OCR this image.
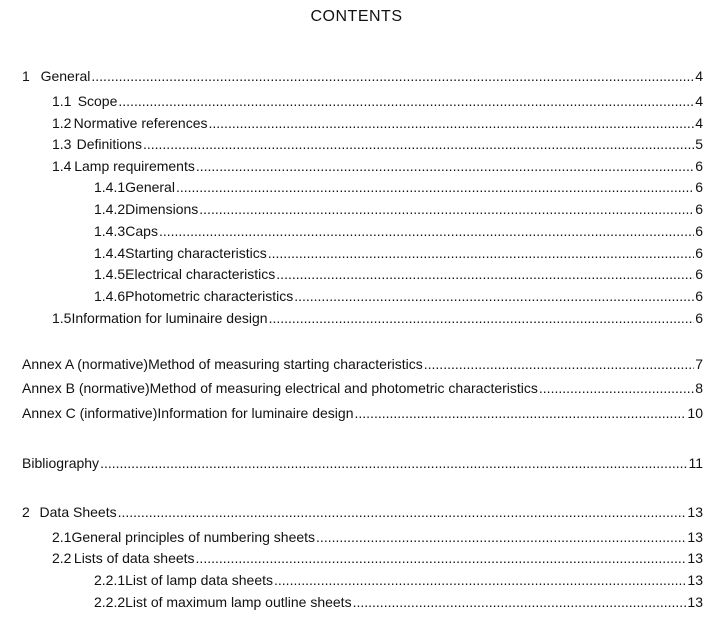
CONTENTS
1 General .....	4
1.1 Scope .....	4
1.2 Normative references .....	4
1.3 Definitions .....	5
1.4 Lamp requirements .....	6
1.4.1 General .....	6
1.4.2 Dimensions .....	6
1.4.3 Caps .....	6
1.4.4 Starting characteristics .....	6
1.4.5 Electrical characteristics .....	6
1.4.6 Photometric characteristics .....	6
1.5 Information for luminaire design .....	6
Annex A (normative) Method of measuring starting characteristics .....	7
Annex B (normative) Method of measuring electrical and photometric characteristics .....	8
Annex C (informative) Information for luminaire design .....	10
Bibliography .....	11
2 Data Sheets .....	13
2.1 General principles of numbering sheets .....	13
2.2 Lists of data sheets .....	13
2.2.1 List of lamp data sheets .....	13
2.2.2 List of maximum lamp outline sheets .....	13
